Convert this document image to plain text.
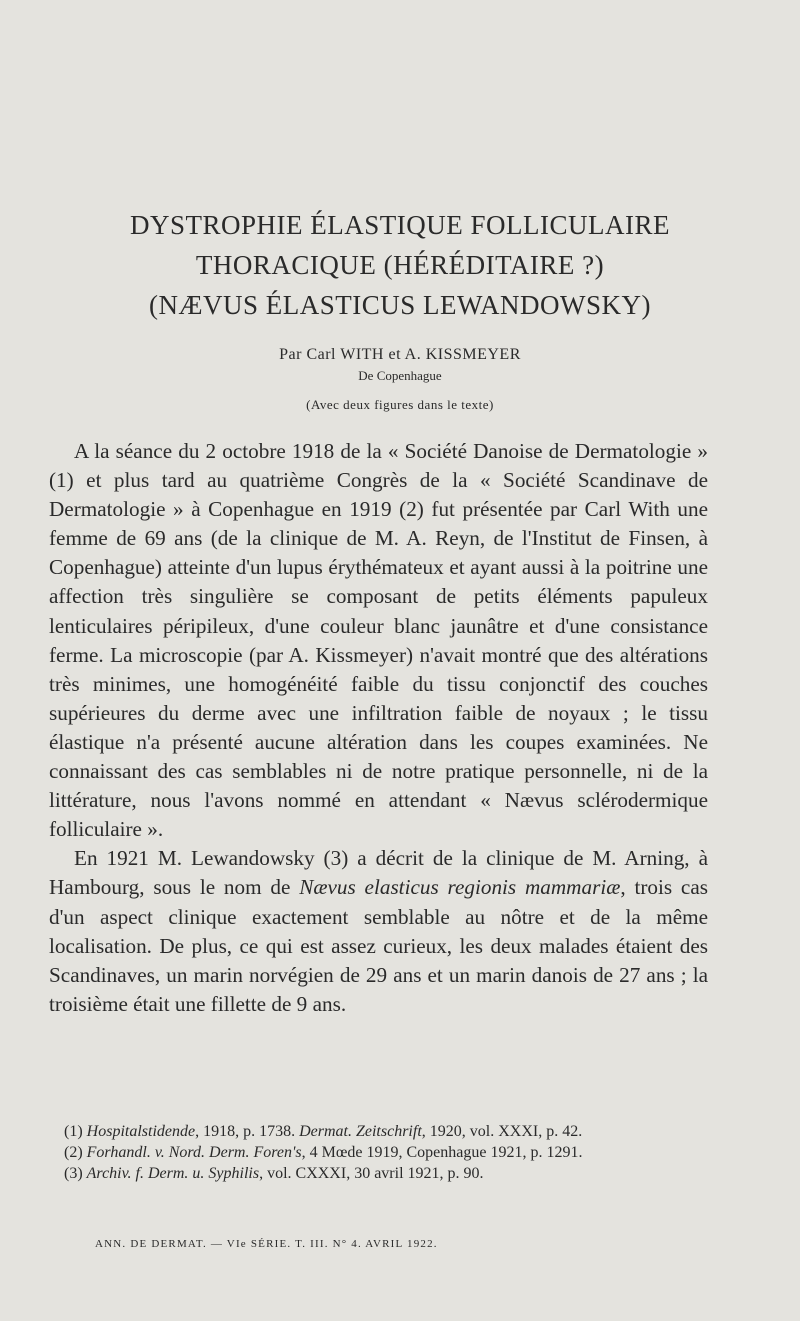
DYSTROPHIE ÉLASTIQUE FOLLICULAIRE
THORACIQUE (HÉRÉDITAIRE ?)
(NÆVUS ÉLASTICUS LEWANDOWSKY)
Par Carl WITH et A. KISSMEYER
De Copenhague
(Avec deux figures dans le texte)

A la séance du 2 octobre 1918 de la « Société Danoise de Dermatologie » (1) et plus tard au quatrième Congrès de la « Société Scandinave de Dermatologie » à Copenhague en 1919 (2) fut présentée par Carl With une femme de 69 ans (de la clinique de M. A. Reyn, de l'Institut de Finsen, à Copenhague) atteinte d'un lupus érythémateux et ayant aussi à la poitrine une affection très singulière se composant de petits éléments papuleux lenticulaires péripileux, d'une couleur blanc jaunâtre et d'une consistance ferme. La microscopie (par A. Kissmeyer) n'avait montré que des altérations très minimes, une homogénéité faible du tissu conjonctif des couches supérieures du derme avec une infiltration faible de noyaux ; le tissu élastique n'a présenté aucune altération dans les coupes examinées. Ne connaissant des cas semblables ni de notre pratique personnelle, ni de la littérature, nous l'avons nommé en attendant « Nævus sclérodermique folliculaire ».

En 1921 M. Lewandowsky (3) a décrit de la clinique de M. Arning, à Hambourg, sous le nom de Nævus elasticus regionis mammariæ, trois cas d'un aspect clinique exactement semblable au nôtre et de la même localisation. De plus, ce qui est assez curieux, les deux malades étaient des Scandinaves, un marin norvégien de 29 ans et un marin danois de 27 ans ; la troisième était une fillette de 9 ans.

(1) Hospitalstidende, 1918, p. 1738. Dermat. Zeitschrift, 1920, vol. XXXI, p. 42.

(2) Forhandl. v. Nord. Derm. Foren's, 4 Mœde 1919, Copenhague 1921, p. 1291.

(3) Archiv. f. Derm. u. Syphilis, vol. CXXXI, 30 avril 1921, p. 90.

ANN. DE DERMAT. — VIe SÉRIE. T. III. N° 4. AVRIL 1922.
